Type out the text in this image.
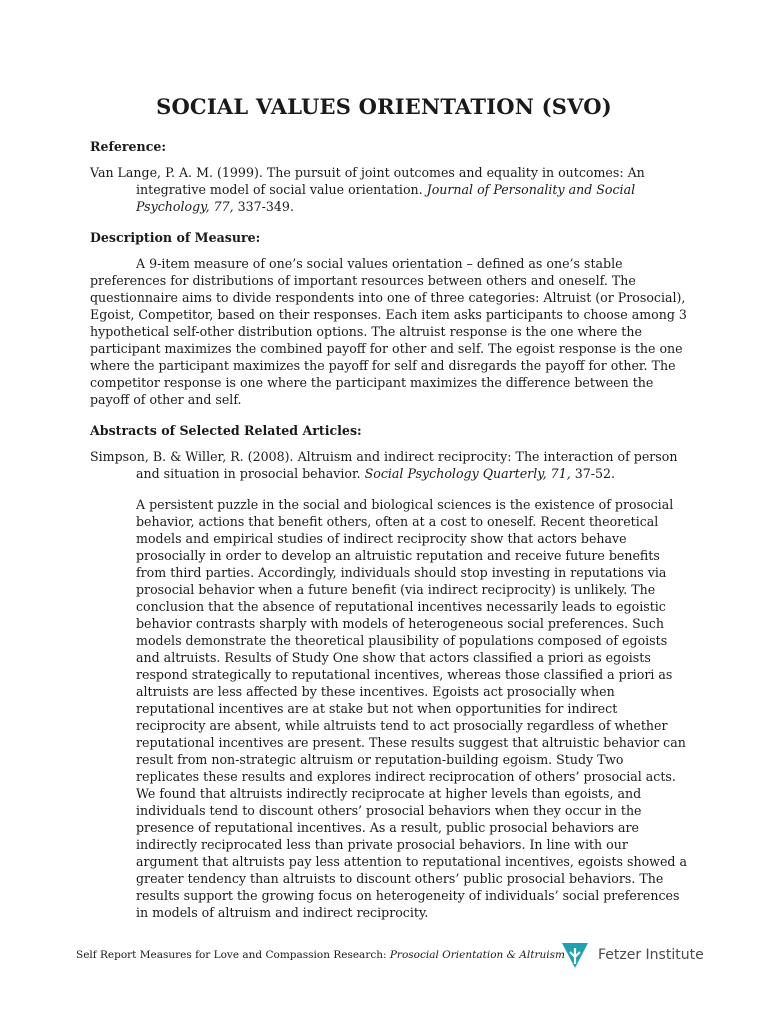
SOCIAL VALUES ORIENTATION (SVO)

Reference:

Van Lange, P. A. M. (1999). The pursuit of joint outcomes and equality in outcomes: An integrative model of social value orientation. Journal of Personality and Social Psychology, 77, 337-349.

Description of Measure:

A 9-item measure of one’s social values orientation – defined as one’s stable preferences for distributions of important resources between others and oneself. The questionnaire aims to divide respondents into one of three categories: Altruist (or Prosocial), Egoist, Competitor, based on their responses. Each item asks participants to choose among 3 hypothetical self-other distribution options. The altruist response is the one where the participant maximizes the combined payoff for other and self. The egoist response is the one where the participant maximizes the payoff for self and disregards the payoff for other. The competitor response is one where the participant maximizes the difference between the payoff of other and self.

Abstracts of Selected Related Articles:

Simpson, B. & Willer, R. (2008). Altruism and indirect reciprocity: The interaction of person and situation in prosocial behavior. Social Psychology Quarterly, 71, 37-52.

A persistent puzzle in the social and biological sciences is the existence of prosocial behavior, actions that benefit others, often at a cost to oneself. Recent theoretical models and empirical studies of indirect reciprocity show that actors behave prosocially in order to develop an altruistic reputation and receive future benefits from third parties. Accordingly, individuals should stop investing in reputations via prosocial behavior when a future benefit (via indirect reciprocity) is unlikely. The conclusion that the absence of reputational incentives necessarily leads to egoistic behavior contrasts sharply with models of heterogeneous social preferences. Such models demonstrate the theoretical plausibility of populations composed of egoists and altruists. Results of Study One show that actors classified a priori as egoists respond strategically to reputational incentives, whereas those classified a priori as altruists are less affected by these incentives. Egoists act prosocially when reputational incentives are at stake but not when opportunities for indirect reciprocity are absent, while altruists tend to act prosocially regardless of whether reputational incentives are present. These results suggest that altruistic behavior can result from non-strategic altruism or reputation-building egoism. Study Two replicates these results and explores indirect reciprocation of others’ prosocial acts. We found that altruists indirectly reciprocate at higher levels than egoists, and individuals tend to discount others’ prosocial behaviors when they occur in the presence of reputational incentives. As a result, public prosocial behaviors are indirectly reciprocated less than private prosocial behaviors. In line with our argument that altruists pay less attention to reputational incentives, egoists showed a greater tendency than altruists to discount others’ public prosocial behaviors. The results support the growing focus on heterogeneity of individuals’ social preferences in models of altruism and indirect reciprocity.

Self Report Measures for Love and Compassion Research: Prosocial Orientation & Altruism Fetzer Institute
